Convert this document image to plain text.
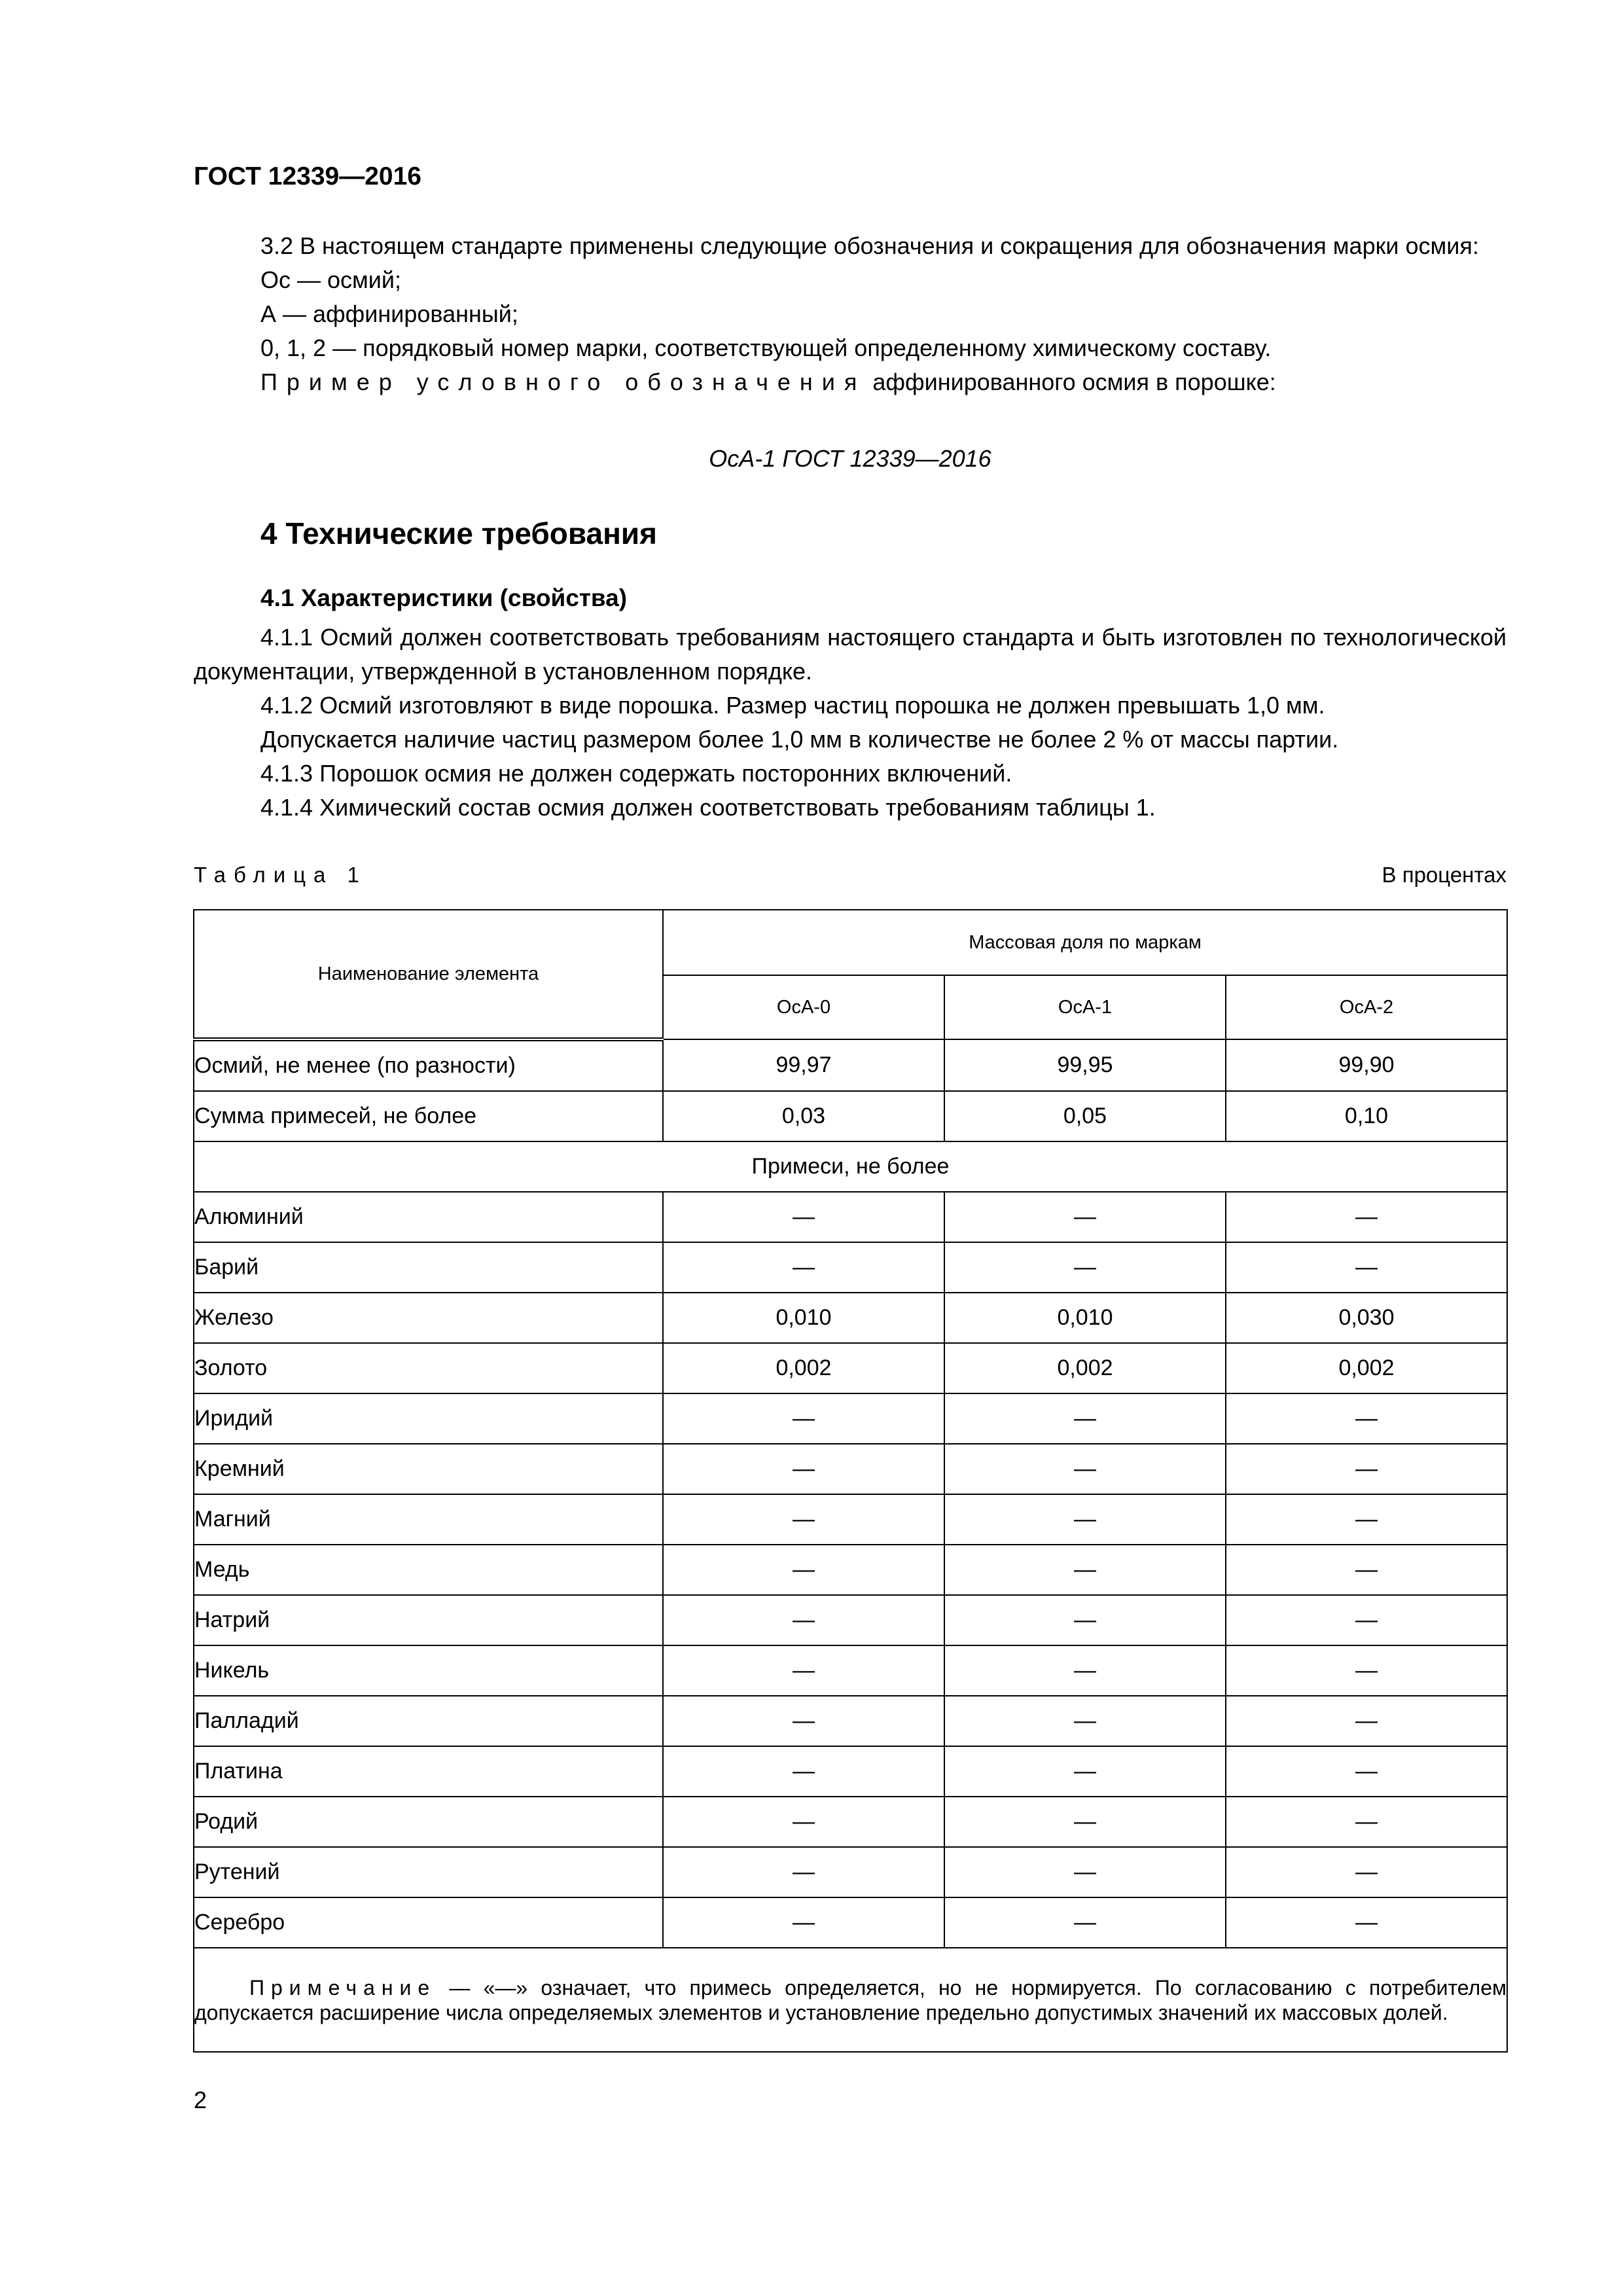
ГОСТ 12339—2016

3.2 В настоящем стандарте применены следующие обозначения и сокращения для обозначения марки осмия:

Ос — осмий;

А — аффинированный;

0, 1, 2 — порядковый номер марки, соответствующей определенному химическому составу.

Пример условного обозначения аффинированного осмия в порошке:

ОсА-1 ГОСТ 12339—2016
4 Технические требования
4.1 Характеристики (свойства)

4.1.1 Осмий должен соответствовать требованиям настоящего стандарта и быть изготовлен по технологической документации, утвержденной в установленном порядке.

4.1.2 Осмий изготовляют в виде порошка. Размер частиц порошка не должен превышать 1,0 мм.

Допускается наличие частиц размером более 1,0 мм в количестве не более 2 % от массы партии.

4.1.3 Порошок осмия не должен содержать посторонних включений.

4.1.4 Химический состав осмия должен соответствовать требованиям таблицы 1.

Таблица 1	В процентах
Наименование элемента	Массовая доля по маркам		
	ОсА-0	ОсА-1	ОсА-2
Осмий, не менее (по разности)	99,97	99,95	99,90
Сумма примесей, не более	0,03	0,05	0,10
Примеси, не более			
Алюминий	—	—	—
Барий	—	—	—
Железо	0,010	0,010	0,030
Золото	0,002	0,002	0,002
Иридий	—	—	—
Кремний	—	—	—
Магний	—	—	—
Медь	—	—	—
Натрий	—	—	—
Никель	—	—	—
Палладий	—	—	—
Платина	—	—	—
Родий	—	—	—
Рутений	—	—	—
Серебро	—	—	—
Примечание — «—» означает, что примесь определяется, но не нормируется. По согласованию с потребителем допускается расширение числа определяемых элементов и установление предельно допустимых значений их массовых долей.			
2
